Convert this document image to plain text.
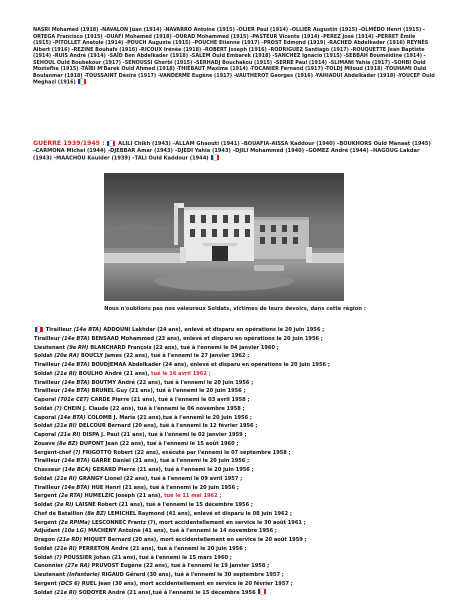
NASRI Mohamed (1918) -NAVALON Juan (1914) -NAVARRO Antoine (1915) -OLIER Paul (1914) -OLLIER Augustin (1915) -OLMÉDO Henri (1915) -ORTEGA Francisco (1915) -OUAFI Mohamed (1918) -OURAD Mohammed (1915) -PASTEUR Vicente (1914) -PEREZ José (1914) -PERRET Émile (1915) -PITOLLET Anatole (1914) -POUCH Auguste (1915) -POUCHE Etienne (1917) -PROST Edmond (1919) -RACHED Abdelkader (1916) REYNÈS Albert (1916) -REZINE Bouhafs (1916) -RICOUX Irénée (1918) -ROBERT Joseph (1916) -RODRIGUEZ Santiago (1917) -ROUQUETTE Jean Baptiste (1914) -RUIS André (1914) -SAÏD Ben Abdelkader (1918) -SALEM Ould Embarek (1918) -SANCHEZ Ignacio (1915) -SEBBAH Bouméidine (1914) -SEHOUL Ould Boubekour (1917) -SENOUSSI Gherbi (1915) -SERHADJ Bouchakou (1915) -SERRE Paul (1914) -SLIMANI Yahia (1917) -SOHBI Ould Mostefha (1915) -TAÏBI M'Barek Ould Ahmed (1918) -THIÉBAUT Maxime (1914) -TOCANIER Fernand (1917) -TOLDJ Miloud (1918) -TOUHAMI Ould Boulanmar (1918) -TOUSSAINT Désiré (1917) -VANDERME Eugène (1917) -VAUTHEROT Georges (1916) -YAHIAOUI Abdelkader (1918) -YOUCEF Ould Meghazi (1916)
GUERRE 1939/1945 :	ALILI Chikh (1943) –ALLAM Ghaouti (1941) –BOUAFIA-AISSA Kaddour (1940) –BOUKHORS Ould Manaat (1945) –CARMONA Michel (1944) –DJEBBAR Amar (1943) –DJEDI Yahia (1943) –DJILI Mohammed (1940) –GOMEZ André (1944) –HAGOUG Lakdar (1943) –MAACHOU Kouider (1939) –TALI Ould Kaddour (1944)
Nous n'oublions pas nos valeureux Soldats, victimes de leurs devoirs, dans cette région :
Tirailleur (14e BTA) ADDOUNI Lakhdar (24 ans), enlevé et disparu en opérations le 20 juin 1956 ;
Tirailleur (14e BTA) BENSAAD Mohammed (23 ans), enlevé et disparu en opérations le 20 juin 1956 ;
Lieutenant (9e RH) BLANCHARD François (22 ans), tué à l'ennemi le 04 janvier 1960 ;
Soldat (20e RA) BOUCLY James (22 ans), tué à l'ennemi le 27 janvier 1962 ;
Tirailleur (14e BTA) BOUDJEMAA Abdelkader (24 ans), enlevé et disparu en opérations le 20 juin 1956 ;
Soldat (21e RI) BOULHO André (21 ans), tué le 16 avril 1962 ;
Tirailleur (14e BTA) BOUTMY André (22 ans), tué à l'ennemi le 20 juin 1956 ;
Tirailleur (14e BTA) BRUNEL Guy (21 ans), tué à l'ennemi le 20 juin 1956 ;
Caporal (701e CET) CARDE Pierre (21 ans), tué à l'ennemi le 03 avril 1958 ;
Soldat (?) CHEIN J. Claude (22 ans), tué à l'ennemi le 06 novembre 1958 ;
Caporal (14e BTA) COLOMB J. Marie (21 ans),tué à l'ennemi le 20 juin 1956 ;
Soldat (21e RI) DELCOUR Bernard (20 ans), tué à l'ennemi le 12 février 1956 ;
Caporal (21e RI) DISPA J. Paul (21 ans), tué à l'ennemi le 02 janvier 1959 ;
Zouave (8e BZ) DUPONT Jean (22 ans), tué à l'ennemi le 15 août 1960 ;
Sergent-chef (?) FRIGOTTO Robert (22 ans), exécuté par l'ennemi le 07 septembre 1958 ;
Tirailleur (14e BTA) GARRE Daniel (21 ans), tué à l'ennemi le 20 juin 1956 ;
Chasseur (14e BCA) GERARD Pierre (21 ans), tué à l'ennemi le 20 juin 1956 ;
Soldat (21e RI) GRANGY Lionel (22 ans), tué à l'ennemi le 09 avril 1957 ;
Tirailleur (14e BTA) HUE Henri (21 ans), tué à l'ennemi le 20 juin 1956 ;
Sergent (2e RTA) HUMELZIC Joseph (21 ans), tué le 11 mai 1962 ;
Soldat (2e RI) LAISNE Robert (21 ans), tué à l'ennemi le 15 décembre 1956 ;
Chef de Bataillon (8e BZ) LEMICHEL Raymond (41 ans), enlevé et disparu le 08 juin 1962 ;
Sergent (2e RPIMa) LESCONNEC Frantz (?), mort accidentellement en service le 30 août 1961 ;
Adjudant (10e LG) MACHENY Antoine (41 ans), tué à l'ennemi le 14 novembre 1956 ;
Dragon (21e RD) MIQUET Bernard (20 ans), mort accidentellement en service le 20 août 1959 ;
Soldat (21e RI) PERRETON André (21 ans), tué à l'ennemi le 20 juin 1956 ;
Soldat (?) POUSSIER Johan (21 ans), tué à l'ennemi le 15 mars 1960 ;
Canonnier (27e RA) PRUVOST Eugène (22 ans), tué à l'ennemi le 19 janvier 1958 ;
Lieutenant (Infanterie) RIGAUD Gérard (30 ans), tué à l'ennemi le 30 septembre 1957 ;
Sergent (DCS 6) RUEL Jean (30 ans), mort accidentellement en service le 20 février 1957 ;
Soldat (21e RI) SODOYER André (21 ans),tué à l'ennemi le 15 décembre 1956
